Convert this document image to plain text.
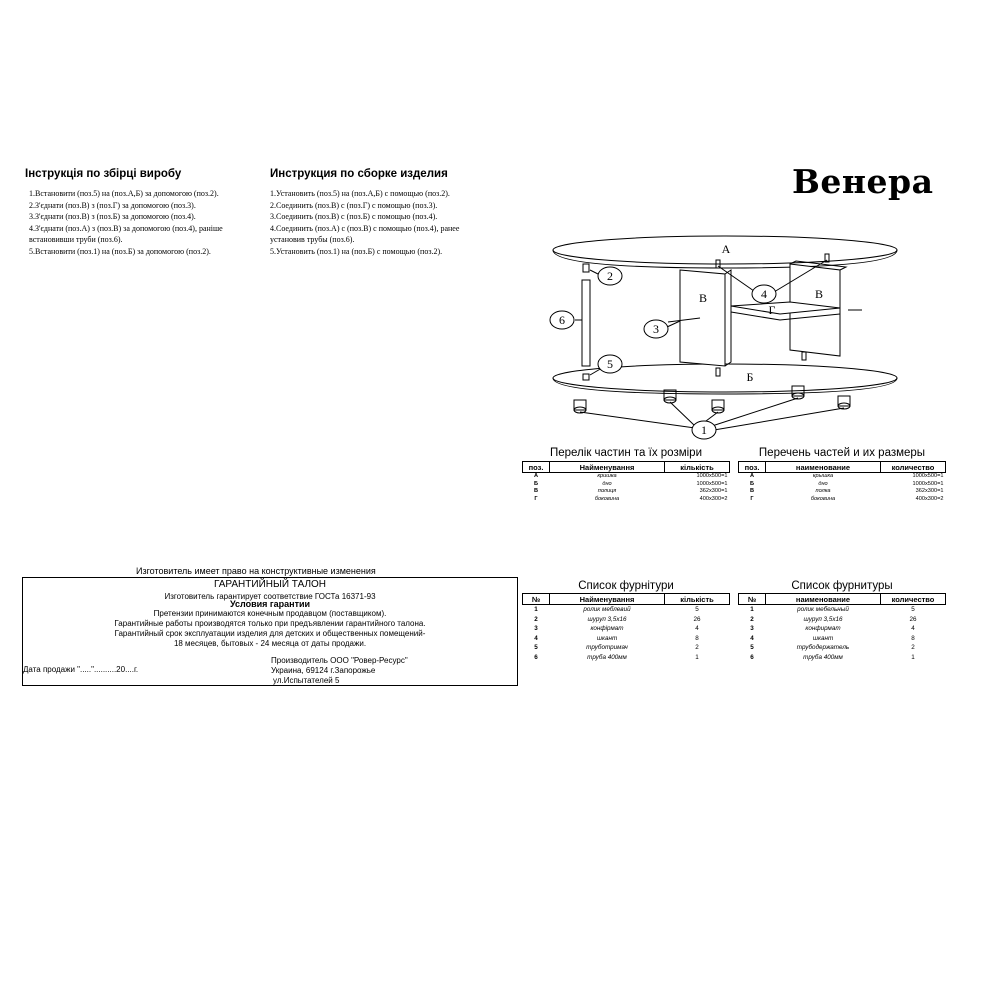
Інструкція по збірці виробу
1.Встановити (поз.5) на (поз.А,Б) за допомогою (поз.2).
2.З'єднати (поз.В) з (поз.Г) за допомогою (поз.3).
3.З'єднати (поз.В) з (поз.Б) за допомогою (поз.4).
4.З'єднати (поз.А) з (поз.В) за допомогою (поз.4), раніше
встановивши труби (поз.6).
5.Встановити (поз.1) на (поз.Б) за допомогою (поз.2).
Инструкция по сборке изделия
1.Установить (поз.5) на (поз.А,Б) с помощью (поз.2).
2.Соединить (поз.В) с (поз.Г) с помощью (поз.3).
3.Соединить (поз.В) с (поз.Б) с помощью (поз.4).
4.Соединить (поз.А) с (поз.В) с помощью (поз.4), ранее
установив трубы (поз.6).
5.Установить (поз.1) на (поз.Б) с помощью (поз.2).
Венера
А
Б
В	В
Г
2
3
4
5
6
1
Перелік частин та їх розміри
поз.	Найменування	кількість
А	кришка	1000х500=1
Б	дно	1000х500=1
В	полиця	362х300=1
Г	боковина	400х300=2
Перечень частей и их размеры
поз.	наименование	количество
А	крышка	1000х500=1
Б	дно	1000х500=1
В	полка	362х300=1
Г	боковина	400х300=2
Изготовитель имеет право на конструктивные изменения
ГАРАНТИЙНЫЙ ТАЛОН
Изготовитель гарантирует соответствие ГОСТа 16371-93
Условия гарантии
Претензии принимаются конечным продавцом (поставщиком).
Гарантийные работы производятся только при предъявлении гарантийного талона.
Гарантийный срок эксплуатации изделия для детских и общественных помещений-
18 месяцев, бытовых - 24 месяца от даты продажи.
Производитель ООО "Ровер-Ресурс"
Украина, 69124 г.Запорожье
ул.Испытателей 5
Дата продажи "....."..........20....г.
Список фурнітури
№	Найменування	кількість
1	ролик меблевий	5
2	шуруп 3,5х16	26
3	конфірмат	4
4	шкант	8
5	труботримач	2
6	труба 400мм	1
Список фурнитуры
№	наименование	количество
1	ролик мебельный	5
2	шуруп 3,5х16	26
3	конфирмат	4
4	шкант	8
5	трубодержатель	2
6	труба 400мм	1
